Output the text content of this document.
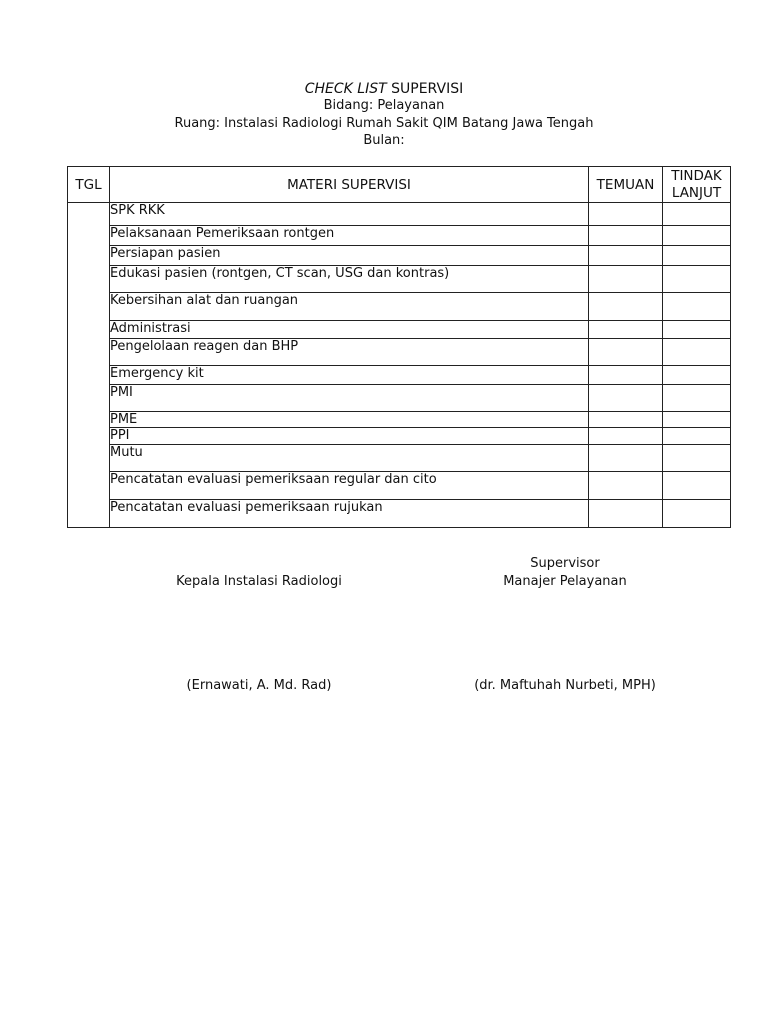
CHECK LIST SUPERVISI
Bidang: Pelayanan
Ruang: Instalasi Radiologi Rumah Sakit QIM Batang Jawa Tengah
Bulan:
TGL	MATERI SUPERVISI	TEMUAN	TINDAK
LANJUT
	SPK RKK		
	Pelaksanaan Pemeriksaan rontgen		
	Persiapan pasien		
	Edukasi pasien (rontgen, CT scan, USG dan kontras)		
	Kebersihan alat dan ruangan		
	Administrasi		
	Pengelolaan reagen dan BHP		
	Emergency kit		
	PMI		
	PME		
	PPI		
	Mutu		
	Pencatatan evaluasi pemeriksaan regular dan cito		
	Pencatatan evaluasi pemeriksaan rujukan		
Supervisor
Kepala Instalasi Radiologi	Manajer Pelayanan
(Ernawati, A. Md. Rad)	(dr. Maftuhah Nurbeti, MPH)
